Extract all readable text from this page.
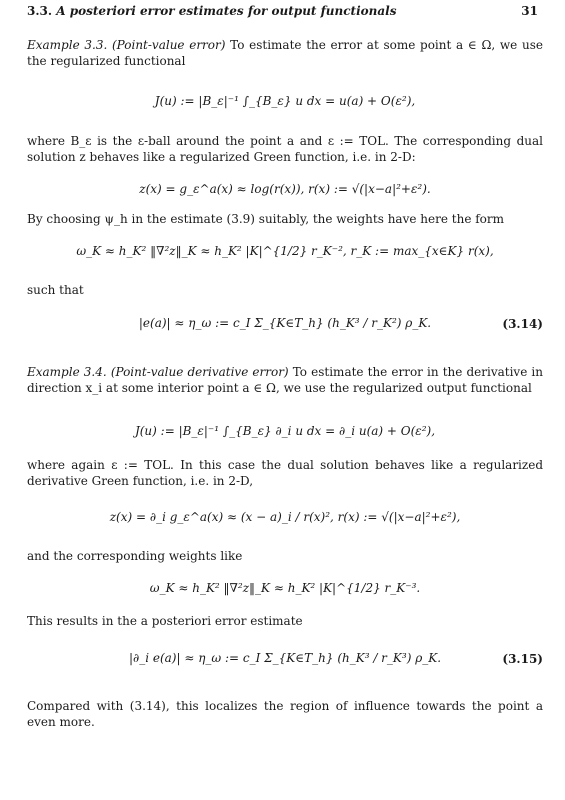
3.3. A posteriori error estimates for output functionals	31

Example 3.3. (Point-value error) To estimate the error at some point a ∈ Ω, we use the regularized functional

J(u) := |B_ε|⁻¹ ∫_{B_ε} u dx = u(a) + O(ε²),

where B_ε is the ε-ball around the point a and ε := TOL. The corresponding dual solution z behaves like a regularized Green function, i.e. in 2-D:

z(x) = g_ε^a(x) ≈ log(r(x)), r(x) := √(|x−a|²+ε²).

By choosing ψ_h in the estimate (3.9) suitably, the weights have here the form

ω_K ≈ h_K² ‖∇²z‖_K ≈ h_K² |K|^{1/2} r_K⁻², r_K := max_{x∈K} r(x),

such that

|e(a)| ≈ η_ω := c_I Σ_{K∈T_h} (h_K³ / r_K²) ρ_K.	(3.14)

Example 3.4. (Point-value derivative error) To estimate the error in the derivative in direction x_i at some interior point a ∈ Ω, we use the regularized output functional

J(u) := |B_ε|⁻¹ ∫_{B_ε} ∂_i u dx = ∂_i u(a) + O(ε²),

where again ε := TOL. In this case the dual solution behaves like a regularized derivative Green function, i.e. in 2-D,

z(x) = ∂_i g_ε^a(x) ≈ (x − a)_i / r(x)², r(x) := √(|x−a|²+ε²),

and the corresponding weights like

ω_K ≈ h_K² ‖∇²z‖_K ≈ h_K² |K|^{1/2} r_K⁻³.

This results in the a posteriori error estimate

|∂_i e(a)| ≈ η_ω := c_I Σ_{K∈T_h} (h_K³ / r_K³) ρ_K.	(3.15)

Compared with (3.14), this localizes the region of influence towards the point a even more.
